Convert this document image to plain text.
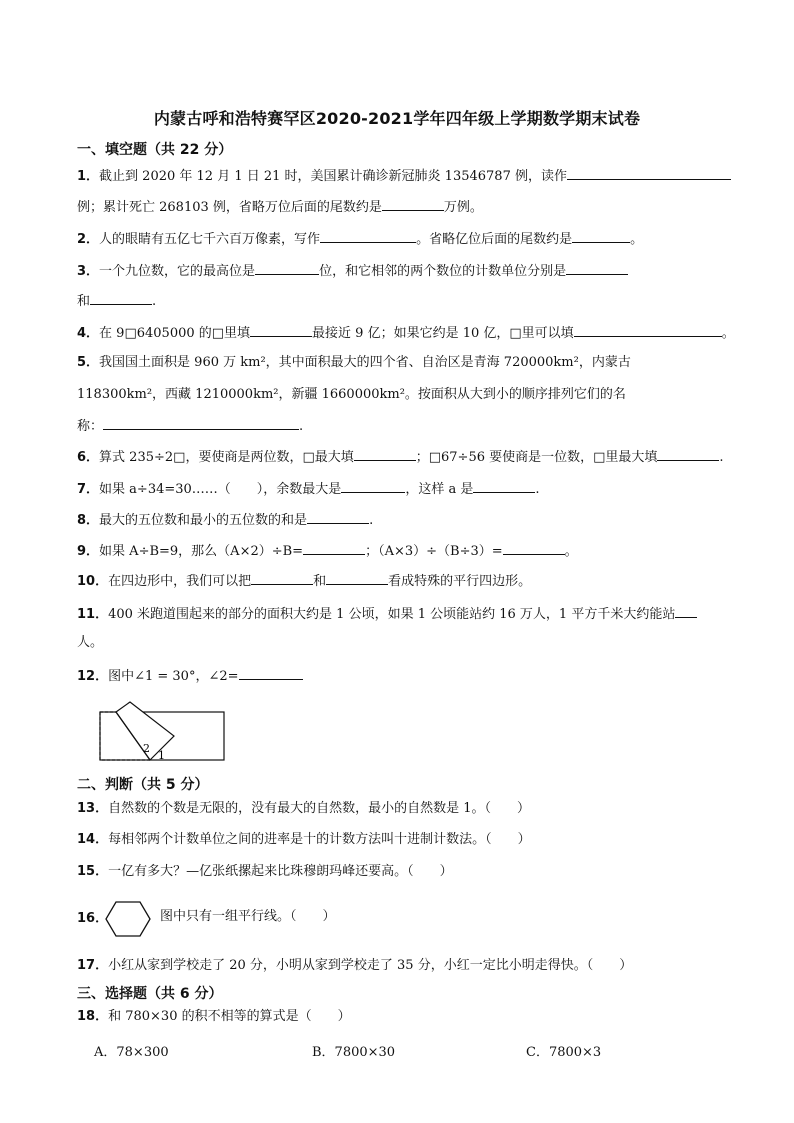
内蒙古呼和浩特赛罕区2020-2021学年四年级上学期数学期末试卷
一、填空题（共 22 分）
1．截止到 2020 年 12 月 1 日 21 时，美国累计确诊新冠肺炎 13546787 例，读作
例；累计死亡 268103 例，省略万位后面的尾数约是	万例。
2．人的眼睛有五亿七千六百万像素，写作	。省略亿位后面的尾数约是	。
3．一个九位数，它的最高位是	位，和它相邻的两个数位的计数单位分别是
和	.
4．在 9□6405000 的□里填	最接近 9 亿；如果它约是 10 亿，□里可以填	。
5．我国国土面积是 960 万 km²，其中面积最大的四个省、自治区是青海 720000km²，内蒙古
118300km²，西藏 1210000km²，新疆 1660000km²。按面积从大到小的顺序排列它们的名
称：	.
6．算式 235÷2□，要使商是两位数，□最大填	；□67÷56 要使商是一位数，□里最大填	.
7．如果 a÷34=30……（　　），余数最大是	，这样 a 是	.
8．最大的五位数和最小的五位数的和是	.
9．如果 A÷B=9，那么（A×2）÷B=	；（A×3）÷（B÷3）=	。
10．在四边形中，我们可以把	和	看成特殊的平行四边形。
11．400 米跑道围起来的部分的面积大约是 1 公顷，如果 1 公顷能站约 16 万人，1 平方千米大约能站
人。
12．图中∠1 = 30°，∠2=
2
1
二、判断（共 5 分）
13．自然数的个数是无限的，没有最大的自然数，最小的自然数是 1。（　　）
14．每相邻两个计数单位之间的进率是十的计数方法叫十进制计数法。（　　）
15．一亿有多大？—亿张纸摞起来比珠穆朗玛峰还要高。（　　）
16．	图中只有一组平行线。（　　）
17．小红从家到学校走了 20 分，小明从家到学校走了 35 分，小红一定比小明走得快。（　　）
三、选择题（共 6 分）
18．和 780×30 的积不相等的算式是（　　）
A．78×300	B．7800×30	C．7800×3
